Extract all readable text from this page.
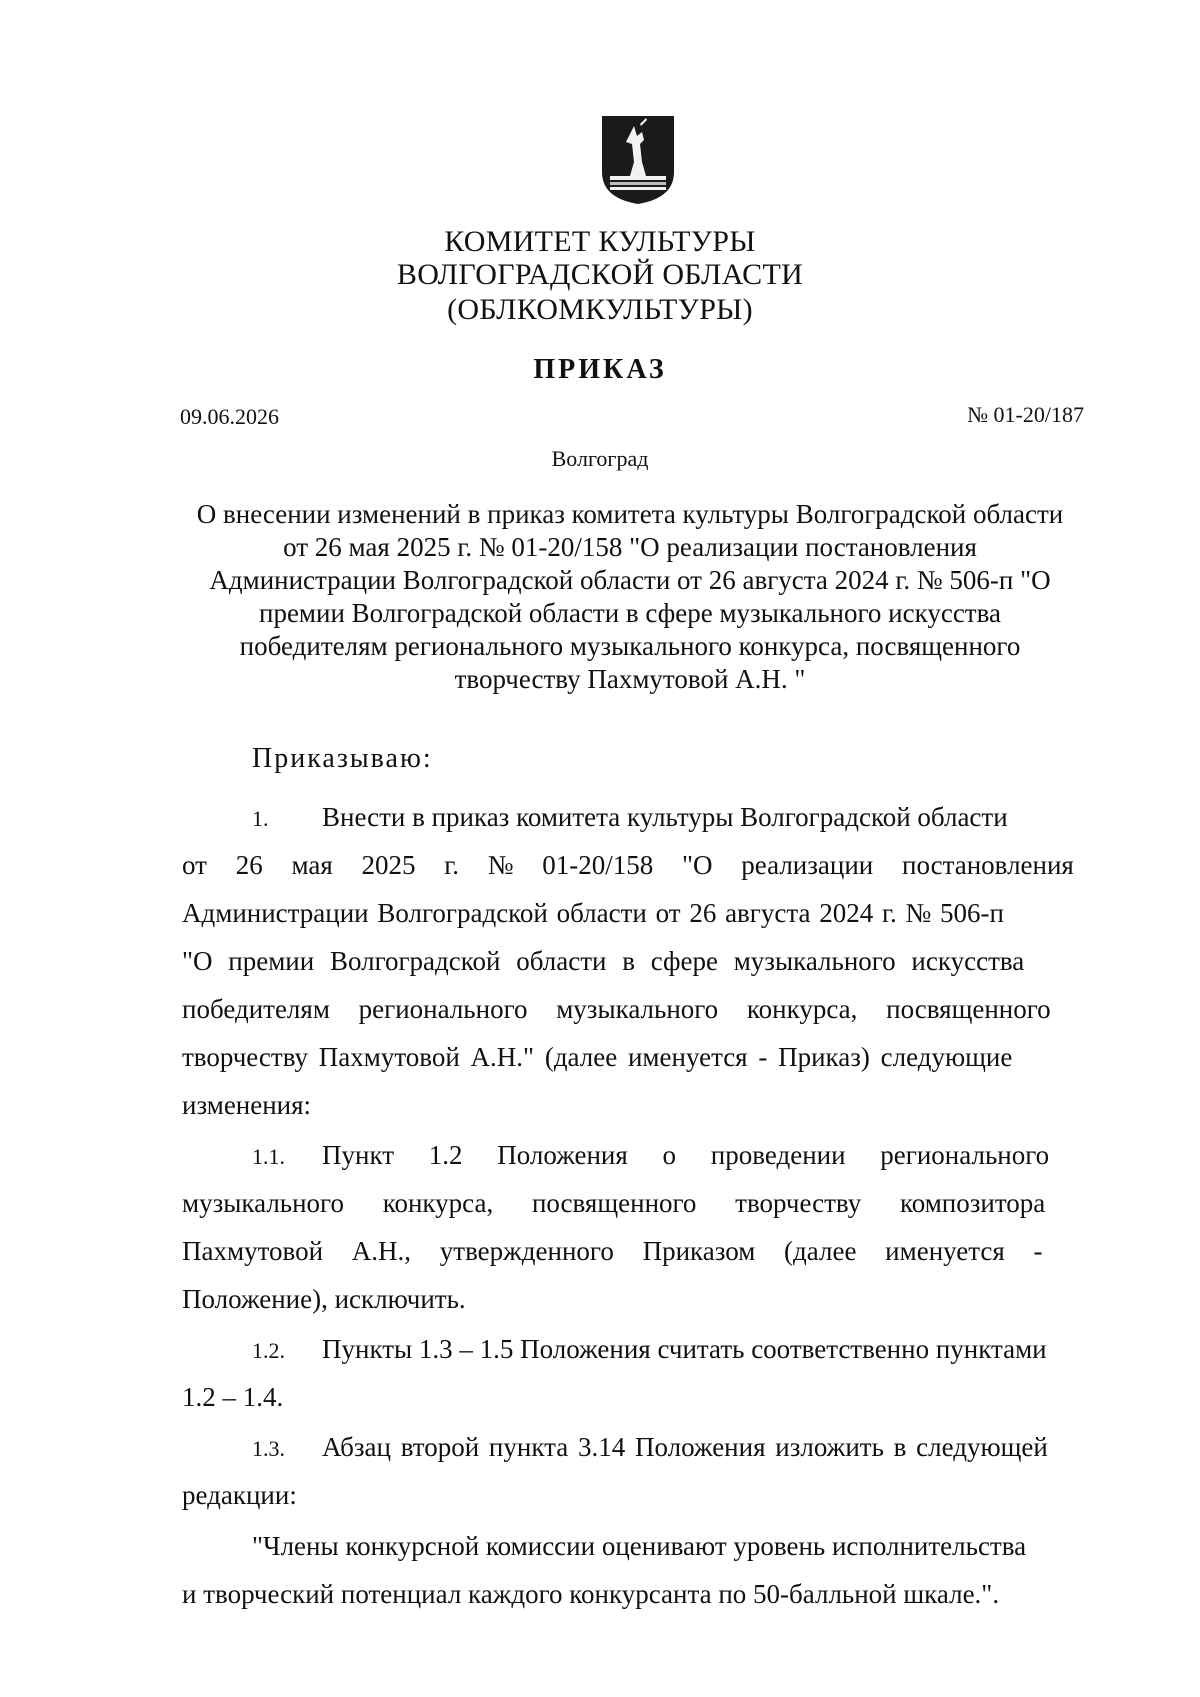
КОМИТЕТ КУЛЬТУРЫ
ВОЛГОГРАДСКОЙ ОБЛАСТИ
(ОБЛКОМКУЛЬТУРЫ)
ПРИКАЗ
09.06.2026	№ 01-20/187
Волгоград
О внесении изменений в приказ комитета культуры Волгоградской области
от 26 мая 2025 г. № 01-20/158 "О реализации постановления
Администрации Волгоградской области от 26 августа 2024 г. № 506-п "О
премии Волгоградской области в сфере музыкального искусства
победителям регионального музыкального конкурса, посвященного
творчеству Пахмутовой А.Н. "
Приказываю:
1. Внести в приказ комитета культуры Волгоградской области
от 26 мая 2025 г. № 01-20/158 "О реализации постановления
Администрации Волгоградской области от 26 августа 2024 г. № 506-п
"О премии Волгоградской области в сфере музыкального искусства
победителям регионального музыкального конкурса, посвященного
творчеству Пахмутовой А.Н." (далее именуется - Приказ) следующие
изменения:
1.1. Пункт 1.2 Положения о проведении регионального
музыкального конкурса, посвященного творчеству композитора
Пахмутовой А.Н., утвержденного Приказом (далее именуется -
Положение), исключить.
1.2. Пункты 1.3 – 1.5 Положения считать соответственно пунктами
1.2 – 1.4.
1.3. Абзац второй пункта 3.14 Положения изложить в следующей
редакции:
"Члены конкурсной комиссии оценивают уровень исполнительства
и творческий потенциал каждого конкурсанта по 50-балльной шкале.".
